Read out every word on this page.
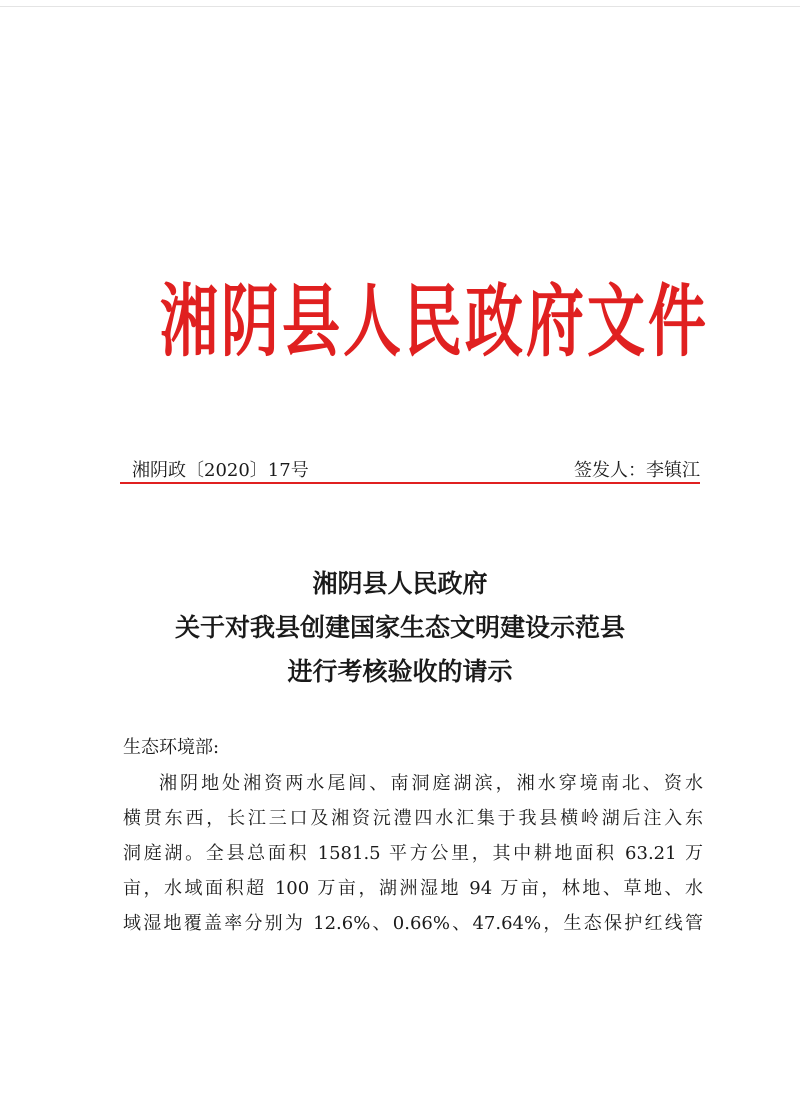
湘阴县人民政府文件
湘阴政〔2020〕17号	签发人：李镇江
湘阴县人民政府
关于对我县创建国家生态文明建设示范县
进行考核验收的请示
生态环境部:
湘阴地处湘资两水尾闾、南洞庭湖滨，湘水穿境南北、资水
横贯东西，长江三口及湘资沅澧四水汇集于我县横岭湖后注入东
洞庭湖。全县总面积 1581.5 平方公里，其中耕地面积 63.21 万
亩，水域面积超 100 万亩，湖洲湿地 94 万亩，林地、草地、水
域湿地覆盖率分别为 12.6%、0.66%、47.64%，生态保护红线管
